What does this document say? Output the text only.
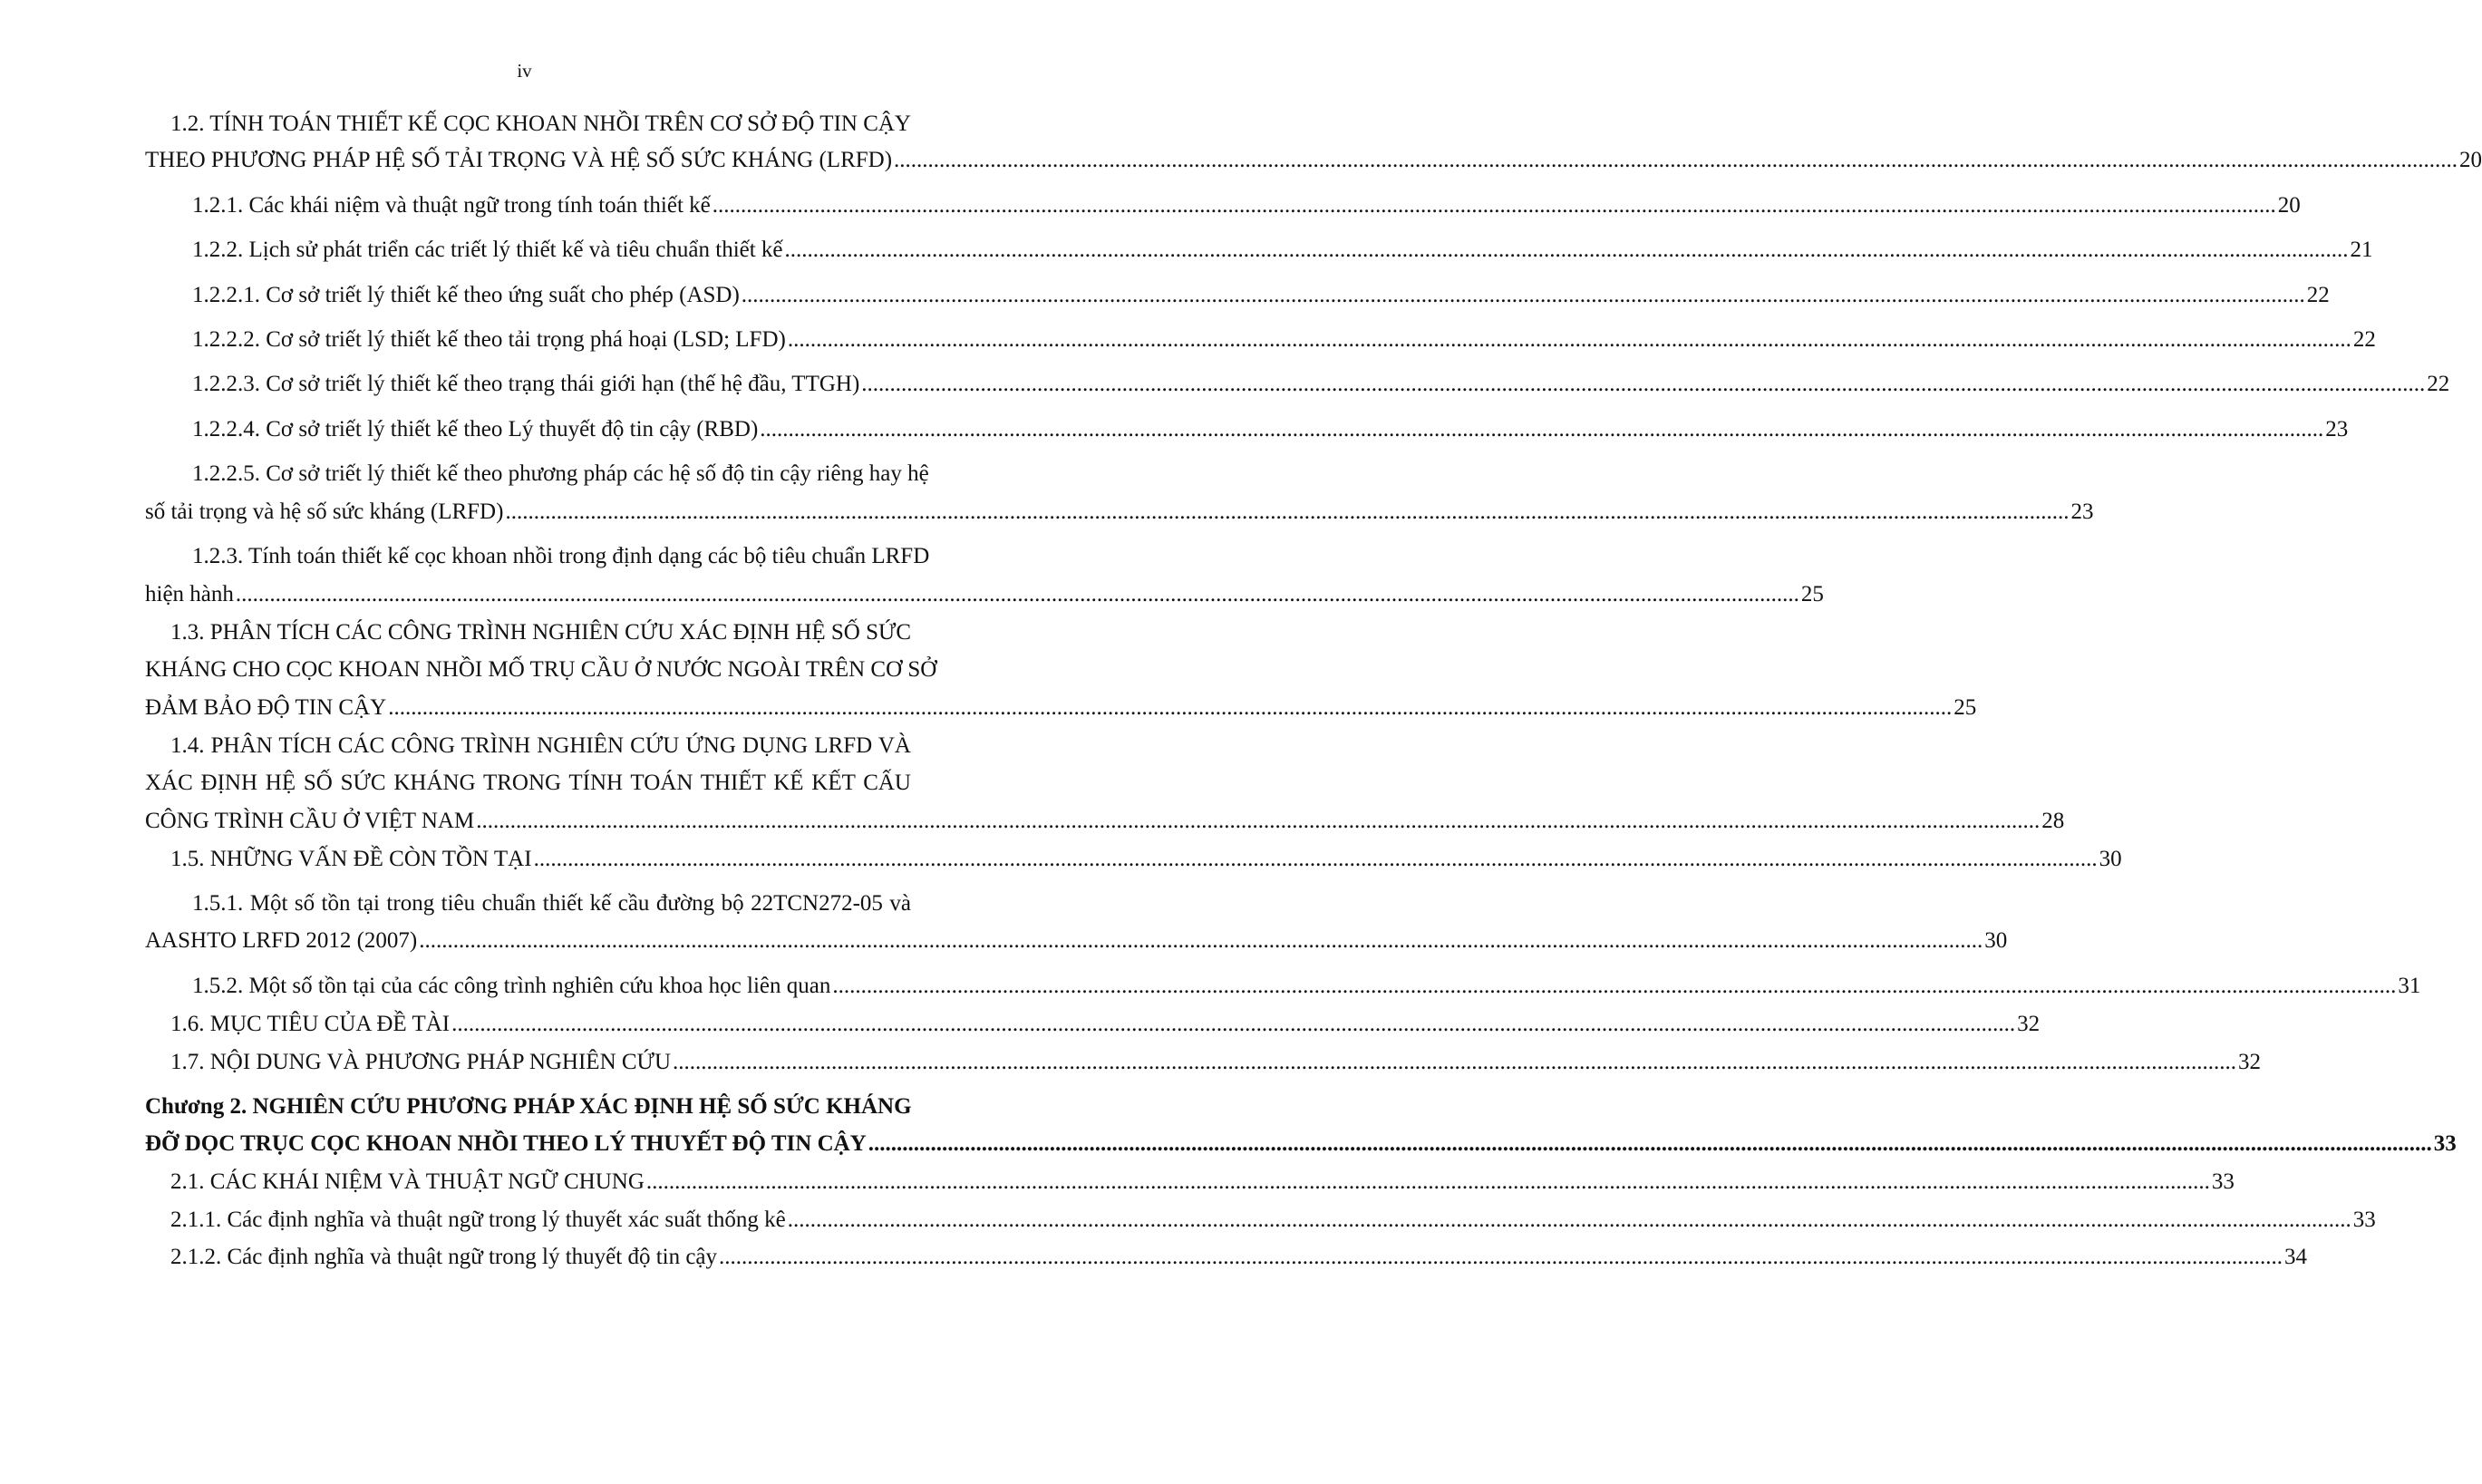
iv
1.2. TÍNH TOÁN THIẾT KẾ CỌC KHOAN NHỒI TRÊN CƠ SỞ ĐỘ TIN CẬY
THEO PHƯƠNG PHÁP HỆ SỐ TẢI TRỌNG VÀ HỆ SỐ SỨC KHÁNG (LRFD) .....	20
1.2.1. Các khái niệm và thuật ngữ trong tính toán thiết kế .....	20
1.2.2. Lịch sử phát triển các triết lý thiết kế và tiêu chuẩn thiết kế .....	21
1.2.2.1. Cơ sở triết lý thiết kế theo ứng suất cho phép (ASD) .....	22
1.2.2.2. Cơ sở triết lý thiết kế theo tải trọng phá hoại (LSD; LFD) .....	22
1.2.2.3. Cơ sở triết lý thiết kế theo trạng thái giới hạn (thế hệ đầu, TTGH) .....	22
1.2.2.4. Cơ sở triết lý thiết kế theo Lý thuyết độ tin cậy (RBD) .....	23
1.2.2.5. Cơ sở triết lý thiết kế theo phương pháp các hệ số độ tin cậy riêng hay hệ
số tải trọng và hệ số sức kháng (LRFD) .....	23
1.2.3. Tính toán thiết kế cọc khoan nhồi trong định dạng các bộ tiêu chuẩn LRFD
hiện hành .....	25
1.3. PHÂN TÍCH CÁC CÔNG TRÌNH NGHIÊN CỨU XÁC ĐỊNH HỆ SỐ SỨC
KHÁNG CHO CỌC KHOAN NHỒI MỐ TRỤ CẦU Ở NƯỚC NGOÀI TRÊN CƠ SỞ
ĐẢM BẢO ĐỘ TIN CẬY .....	25
1.4. PHÂN TÍCH CÁC CÔNG TRÌNH NGHIÊN CỨU ỨNG DỤNG LRFD VÀ
XÁC ĐỊNH HỆ SỐ SỨC KHÁNG TRONG TÍNH TOÁN THIẾT KẾ KẾT CẤU
CÔNG TRÌNH CẦU Ở VIỆT NAM .....	28
1.5. NHỮNG VẤN ĐỀ CÒN TỒN TẠI .....	30
1.5.1. Một số tồn tại trong tiêu chuẩn thiết kế cầu đường bộ 22TCN272-05 và
AASHTO LRFD 2012 (2007) .....	30
1.5.2. Một số tồn tại của các công trình nghiên cứu khoa học liên quan .....	31
1.6. MỤC TIÊU CỦA ĐỀ TÀI .....	32
1.7. NỘI DUNG VÀ PHƯƠNG PHÁP NGHIÊN CỨU .....	32
Chương 2. NGHIÊN CỨU PHƯƠNG PHÁP XÁC ĐỊNH HỆ SỐ SỨC KHÁNG
ĐỠ DỌC TRỤC CỌC KHOAN NHỒI THEO LÝ THUYẾT ĐỘ TIN CẬY .....	33
2.1. CÁC KHÁI NIỆM VÀ THUẬT NGỮ CHUNG .....	33
2.1.1. Các định nghĩa và thuật ngữ trong lý thuyết xác suất thống kê .....	33
2.1.2. Các định nghĩa và thuật ngữ trong lý thuyết độ tin cậy .....	34
